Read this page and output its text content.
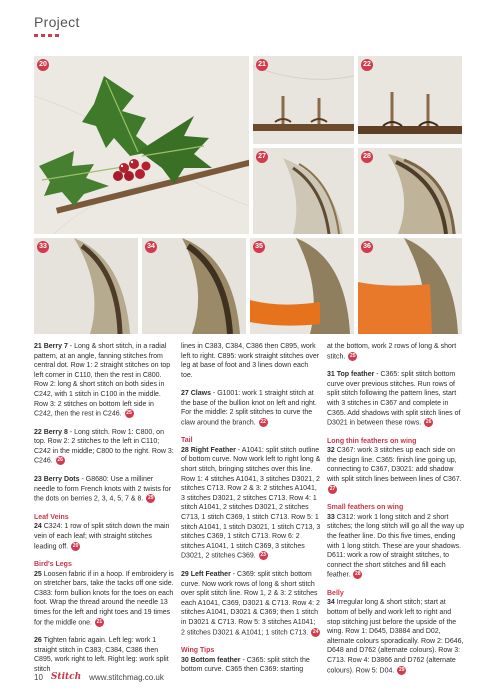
Project
20	21	22
27	28
33	34	35	36

21 Berry 7 - Long & short stitch, in a radial pattern, at an angle, fanning stitches from central dot. Row 1: 2 straight stitches on top left corner in C110, then the rest in C800. Row 2: long & short stitch on both sides in C242, with 1 stitch in C100 in the middle. Row 3: 2 stitches on bottom left side in C242, then the rest in C246. 25

22 Berry 8 - Long stitch. Row 1: C800, on top. Row 2: 2 stitches to the left in C110; C242 in the middle; C800 to the right. Row 3: C246. 26

23 Berry Dots - G8680: Use a milliner needle to form French knots with 2 twists for the dots on berries 2, 3, 4, 5, 7 & 8. 29

Leaf Veins
24 C324: 1 row of split stitch down the main vein of each leaf; with straight stitches leading off. 20

Bird's Legs
25 Loosen fabric if in a hoop. If embroidery is on stretcher bars, take the tacks off one side. C383: form bullion knots for the toes on each foot. Wrap the thread around the needle 13 times for the left and right toes and 19 times for the middle one. 21

26 Tighten fabric again. Left leg: work 1 straight stitch in C383, C384, C386 then C895, work right to left. Right leg: work split stitch

lines in C383, C384, C386 then C895, work left to right. C895: work straight stitches over leg at base of foot and 3 lines down each toe.

27 Claws - G1001: work 1 straight stitch at the base of the bullion knot on left and right. For the middle: 2 split stitches to curve the claw around the branch. 22

Tail
28 Right Feather - A1041: split stitch outline of bottom curve. Now work left to right long & short stitch, bringing stitches over this line. Row 1: 4 stitches A1041, 3 stitches D3021, 2 stitches C713. Row 2 & 3: 2 stitches A1041, 3 stitches D3021, 2 stitches C713. Row 4: 1 stitch A1041, 2 stitches D3021, 2 stitches C713, 1 stitch C369, 1 stitch C713. Row 5: 1 stitch A1041, 1 stitch D3021, 1 stitch C713, 3 stitches C369, 1 stitch C713. Row 6: 2 stitches A1041, 1 stitch C369, 3 stitches D3021, 2 stitches C369. 23

29 Left Feather - C369: split stitch bottom curve. Now work rows of long & short stitch over split stitch line. Row 1, 2 & 3: 2 stitches each A1041, C369, D3021 & C713. Row 4: 2 stitches A1041, D3021 & C369; then 1 stitch in D3021 & C713. Row 5: 3 stitches A1041; 2 stitches D3021 & A1041; 1 stitch C713. 24

Wing Tips
30 Bottom feather - C365: split stitch the bottom curve. C365 then C369: starting

at the bottom, work 2 rows of long & short stitch. 25

31 Top feather - C365: split stitch bottom curve over previous stitches. Run rows of split stitch following the pattern lines, start with 3 stitches in C367 and complete in C365. Add shadows with split stitch lines of D3021 in between these rows. 26

Long thin feathers on wing
32 C367: work 3 stitches up each side on the design line. C365: finish line going up, connecting to C367, D3021: add shadow with split stitch lines between lines of C367. 27

Small feathers on wing
33 C312: work 1 long stitch and 2 short stitches; the long stitch will go all the way up the feather line. Do this five times, ending with 1 long stitch. These are your shadows. D611: work a row of straight stitches, to connect the short stitches and fill each feather. 28

Belly
34 Irregular long & short stitch; start at bottom of belly and work left to right and stop stitching just before the upside of the wing. Row 1: D645, D3884 and D02, alternate colours sporadically. Row 2: D646, D648 and D762 (alternate colours). Row 3: C713. Row 4: D3866 and D762 (alternate colours). Row 5: D04. 29

10 Stitch www.stitchmag.co.uk
